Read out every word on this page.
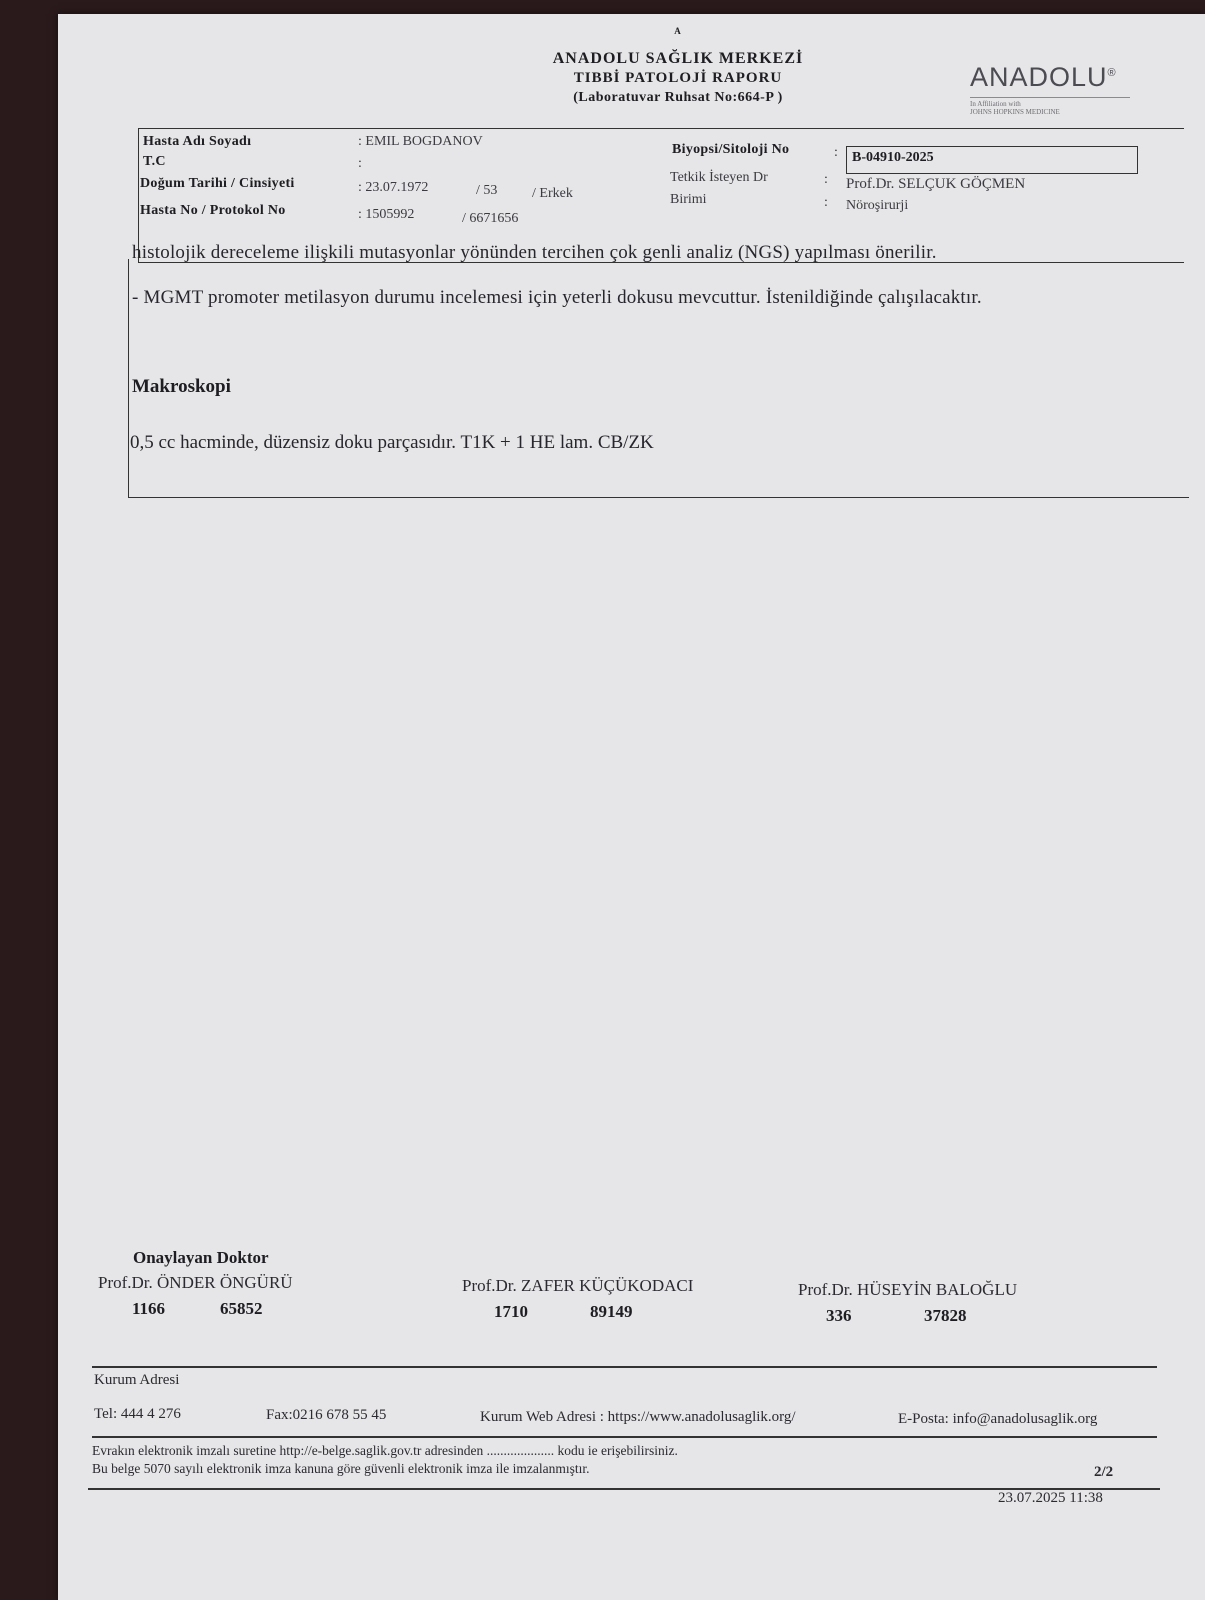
A
ANADOLU SAĞLIK MERKEZİ
TIBBİ PATOLOJİ RAPORU
(Laboratuvar Ruhsat No:664-P )
ANADOLU®
In Affiliation with
JOHNS HOPKINS MEDICINE
Hasta Adı Soyadı	: EMIL BOGDANOV
T.C	:
Doğum Tarihi / Cinsiyeti	: 23.07.1972	/ 53 / Erkek
Hasta No / Protokol No	: 1505992	/ 6671656
Biyopsi/Sitoloji No	: B-04910-2025
Tetkik İsteyen Dr	: Prof.Dr. SELÇUK GÖÇMEN
Birimi	: Nöroşirurji
histolojik dereceleme ilişkili mutasyonlar yönünden tercihen çok genli analiz (NGS) yapılması önerilir.
- MGMT promoter metilasyon durumu incelemesi için yeterli dokusu mevcuttur. İstenildiğinde çalışılacaktır.
Makroskopi
0,5 cc hacminde, düzensiz doku parçasıdır. T1K + 1 HE lam. CB/ZK
Onaylayan Doktor
Prof.Dr. ÖNDER ÖNGÜRÜ
1166	65852
Prof.Dr. ZAFER KÜÇÜKODACI
1710	89149
Prof.Dr. HÜSEYİN BALOĞLU
336	37828
Kurum Adresi
Tel: 444 4 276	Fax:0216 678 55 45	Kurum Web Adresi : https://www.anadolusaglik.org/	E-Posta: info@anadolusaglik.org
Evrakın elektronik imzalı suretine http://e-belge.saglik.gov.tr adresinden .................... kodu ie erişebilirsiniz.
Bu belge 5070 sayılı elektronik imza kanuna göre güvenli elektronik imza ile imzalanmıştır.	2/2
23.07.2025 11:38
